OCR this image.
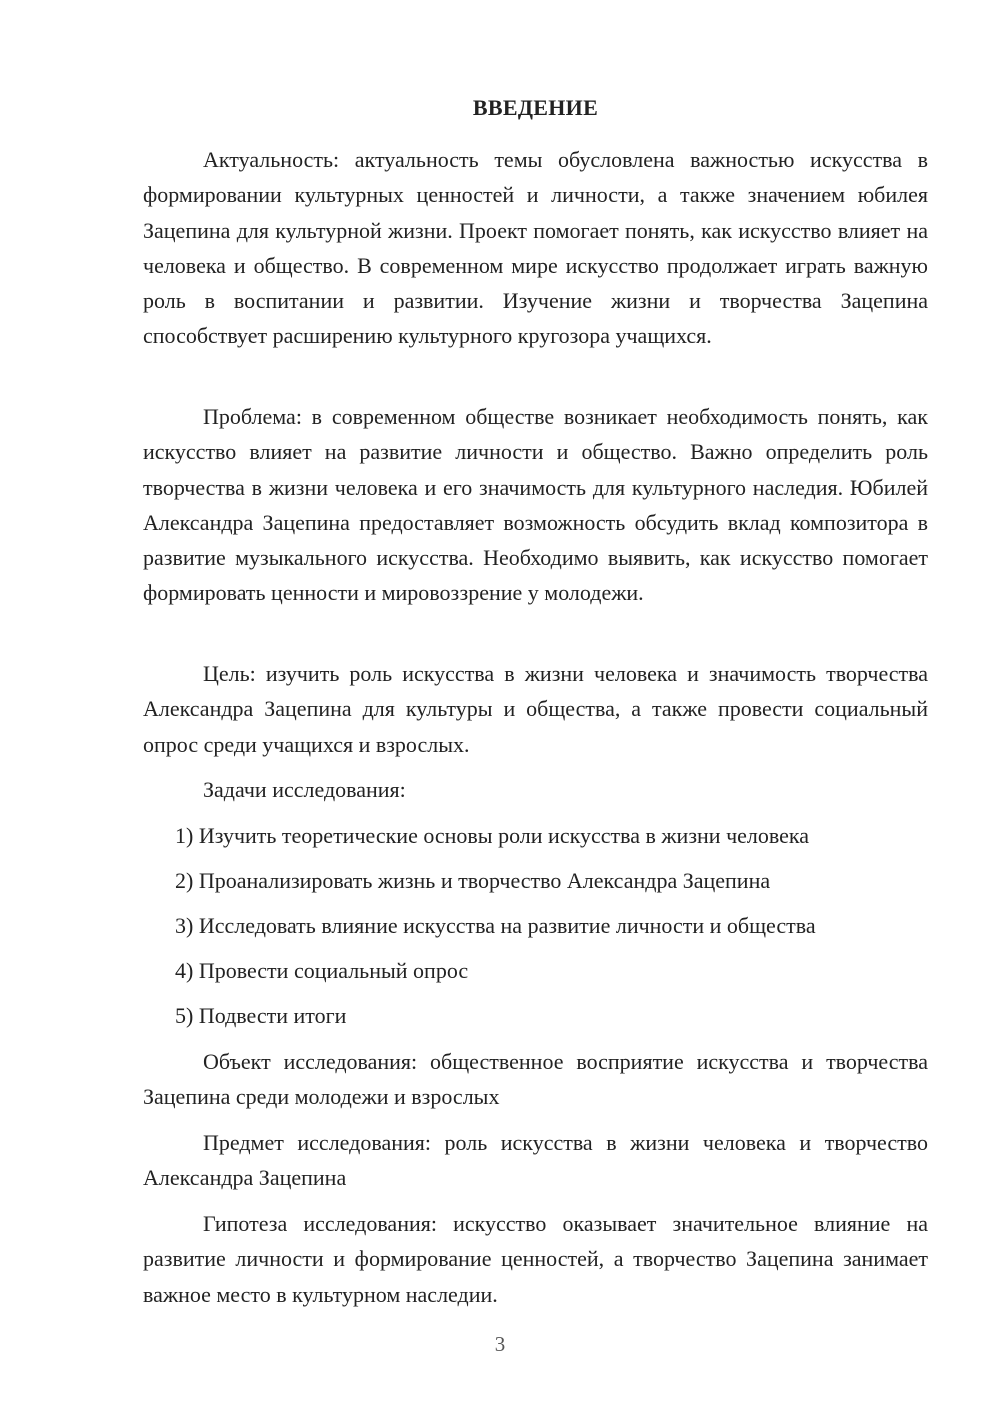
ВВЕДЕНИЕ

Актуальность: актуальность темы обусловлена важностью искусства в формировании культурных ценностей и личности, а также значением юбилея Зацепина для культурной жизни. Проект помогает понять, как искусство влияет на человека и общество. В современном мире искусство продолжает играть важную роль в воспитании и развитии. Изучение жизни и творчества Зацепина способствует расширению культурного кругозора учащихся.

Проблема: в современном обществе возникает необходимость понять, как искусство влияет на развитие личности и общество. Важно определить роль творчества в жизни человека и его значимость для культурного наследия. Юбилей Александра Зацепина предоставляет возможность обсудить вклад композитора в развитие музыкального искусства. Необходимо выявить, как искусство помогает формировать ценности и мировоззрение у молодежи.

Цель: изучить роль искусства в жизни человека и значимость творчества Александра Зацепина для культуры и общества, а также провести социальный опрос среди учащихся и взрослых.

Задачи исследования:

1) Изучить теоретические основы роли искусства в жизни человека

2) Проанализировать жизнь и творчество Александра Зацепина

3) Исследовать влияние искусства на развитие личности и общества

4) Провести социальный опрос

5) Подвести итоги

Объект исследования: общественное восприятие искусства и творчества Зацепина среди молодежи и взрослых

Предмет исследования: роль искусства в жизни человека и творчество Александра Зацепина

Гипотеза исследования: искусство оказывает значительное влияние на развитие личности и формирование ценностей, а творчество Зацепина занимает важное место в культурном наследии.

3
